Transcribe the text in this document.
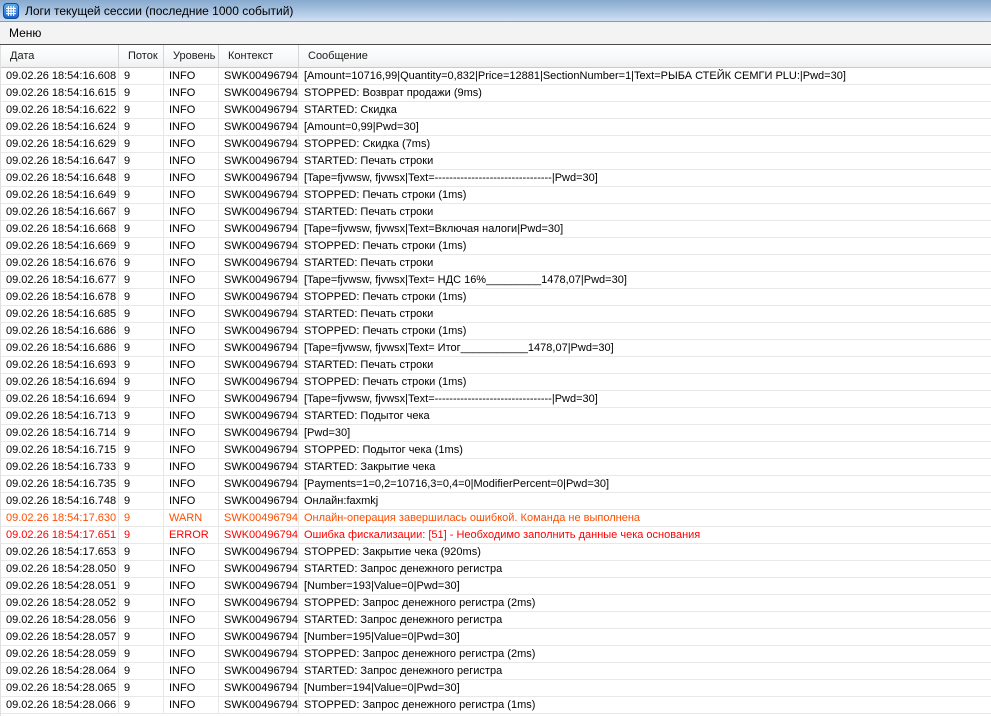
Логи текущей сессии (последние 1000 событий)
Меню
Дата	Поток	Уровень	Контекст	Сообщение
09.02.26 18:54:16.608 9	INFO	SWK00496794 [Amount=10716,99|Quantity=0,832|Price=12881|SectionNumber=1|Text=РЫБА СТЕЙК СЕМГИ PLU:|Pwd=30]
09.02.26 18:54:16.615 9	INFO	SWK00496794 STOPPED: Возврат продажи (9ms)
09.02.26 18:54:16.622 9	INFO	SWK00496794 STARTED: Скидка
09.02.26 18:54:16.624 9	INFO	SWK00496794 [Amount=0,99|Pwd=30]
09.02.26 18:54:16.629 9	INFO	SWK00496794 STOPPED: Скидка (7ms)
09.02.26 18:54:16.647 9	INFO	SWK00496794 STARTED: Печать строки
09.02.26 18:54:16.648 9	INFO	SWK00496794 [Tape=fjvwsw, fjvwsx|Text=--------------------------------|Pwd=30]
09.02.26 18:54:16.649 9	INFO	SWK00496794 STOPPED: Печать строки (1ms)
09.02.26 18:54:16.667 9	INFO	SWK00496794 STARTED: Печать строки
09.02.26 18:54:16.668 9	INFO	SWK00496794 [Tape=fjvwsw, fjvwsx|Text=Включая налоги|Pwd=30]
09.02.26 18:54:16.669 9	INFO	SWK00496794 STOPPED: Печать строки (1ms)
09.02.26 18:54:16.676 9	INFO	SWK00496794 STARTED: Печать строки
09.02.26 18:54:16.677 9	INFO	SWK00496794 [Tape=fjvwsw, fjvwsx|Text= НДС 16%_________1478,07|Pwd=30]
09.02.26 18:54:16.678 9	INFO	SWK00496794 STOPPED: Печать строки (1ms)
09.02.26 18:54:16.685 9	INFO	SWK00496794 STARTED: Печать строки
09.02.26 18:54:16.686 9	INFO	SWK00496794 STOPPED: Печать строки (1ms)
09.02.26 18:54:16.686 9	INFO	SWK00496794 [Tape=fjvwsw, fjvwsx|Text= Итог___________1478,07|Pwd=30]
09.02.26 18:54:16.693 9	INFO	SWK00496794 STARTED: Печать строки
09.02.26 18:54:16.694 9	INFO	SWK00496794 STOPPED: Печать строки (1ms)
09.02.26 18:54:16.694 9	INFO	SWK00496794 [Tape=fjvwsw, fjvwsx|Text=--------------------------------|Pwd=30]
09.02.26 18:54:16.713 9	INFO	SWK00496794 STARTED: Подытог чека
09.02.26 18:54:16.714 9	INFO	SWK00496794 [Pwd=30]
09.02.26 18:54:16.715 9	INFO	SWK00496794 STOPPED: Подытог чека (1ms)
09.02.26 18:54:16.733 9	INFO	SWK00496794 STARTED: Закрытие чека
09.02.26 18:54:16.735 9	INFO	SWK00496794 [Payments=1=0,2=10716,3=0,4=0|ModifierPercent=0|Pwd=30]
09.02.26 18:54:16.748 9	INFO	SWK00496794 Онлайн:faxmkj
09.02.26 18:54:17.630 9	WARN	SWK00496794 Онлайн-операция завершилась ошибкой. Команда не выполнена
09.02.26 18:54:17.651 9	ERROR	SWK00496794 Ошибка фискализации: [51] - Необходимо заполнить данные чека основания
09.02.26 18:54:17.653 9	INFO	SWK00496794 STOPPED: Закрытие чека (920ms)
09.02.26 18:54:28.050 9	INFO	SWK00496794 STARTED: Запрос денежного регистра
09.02.26 18:54:28.051 9	INFO	SWK00496794 [Number=193|Value=0|Pwd=30]
09.02.26 18:54:28.052 9	INFO	SWK00496794 STOPPED: Запрос денежного регистра (2ms)
09.02.26 18:54:28.056 9	INFO	SWK00496794 STARTED: Запрос денежного регистра
09.02.26 18:54:28.057 9	INFO	SWK00496794 [Number=195|Value=0|Pwd=30]
09.02.26 18:54:28.059 9	INFO	SWK00496794 STOPPED: Запрос денежного регистра (2ms)
09.02.26 18:54:28.064 9	INFO	SWK00496794 STARTED: Запрос денежного регистра
09.02.26 18:54:28.065 9	INFO	SWK00496794 [Number=194|Value=0|Pwd=30]
09.02.26 18:54:28.066 9	INFO	SWK00496794 STOPPED: Запрос денежного регистра (1ms)
